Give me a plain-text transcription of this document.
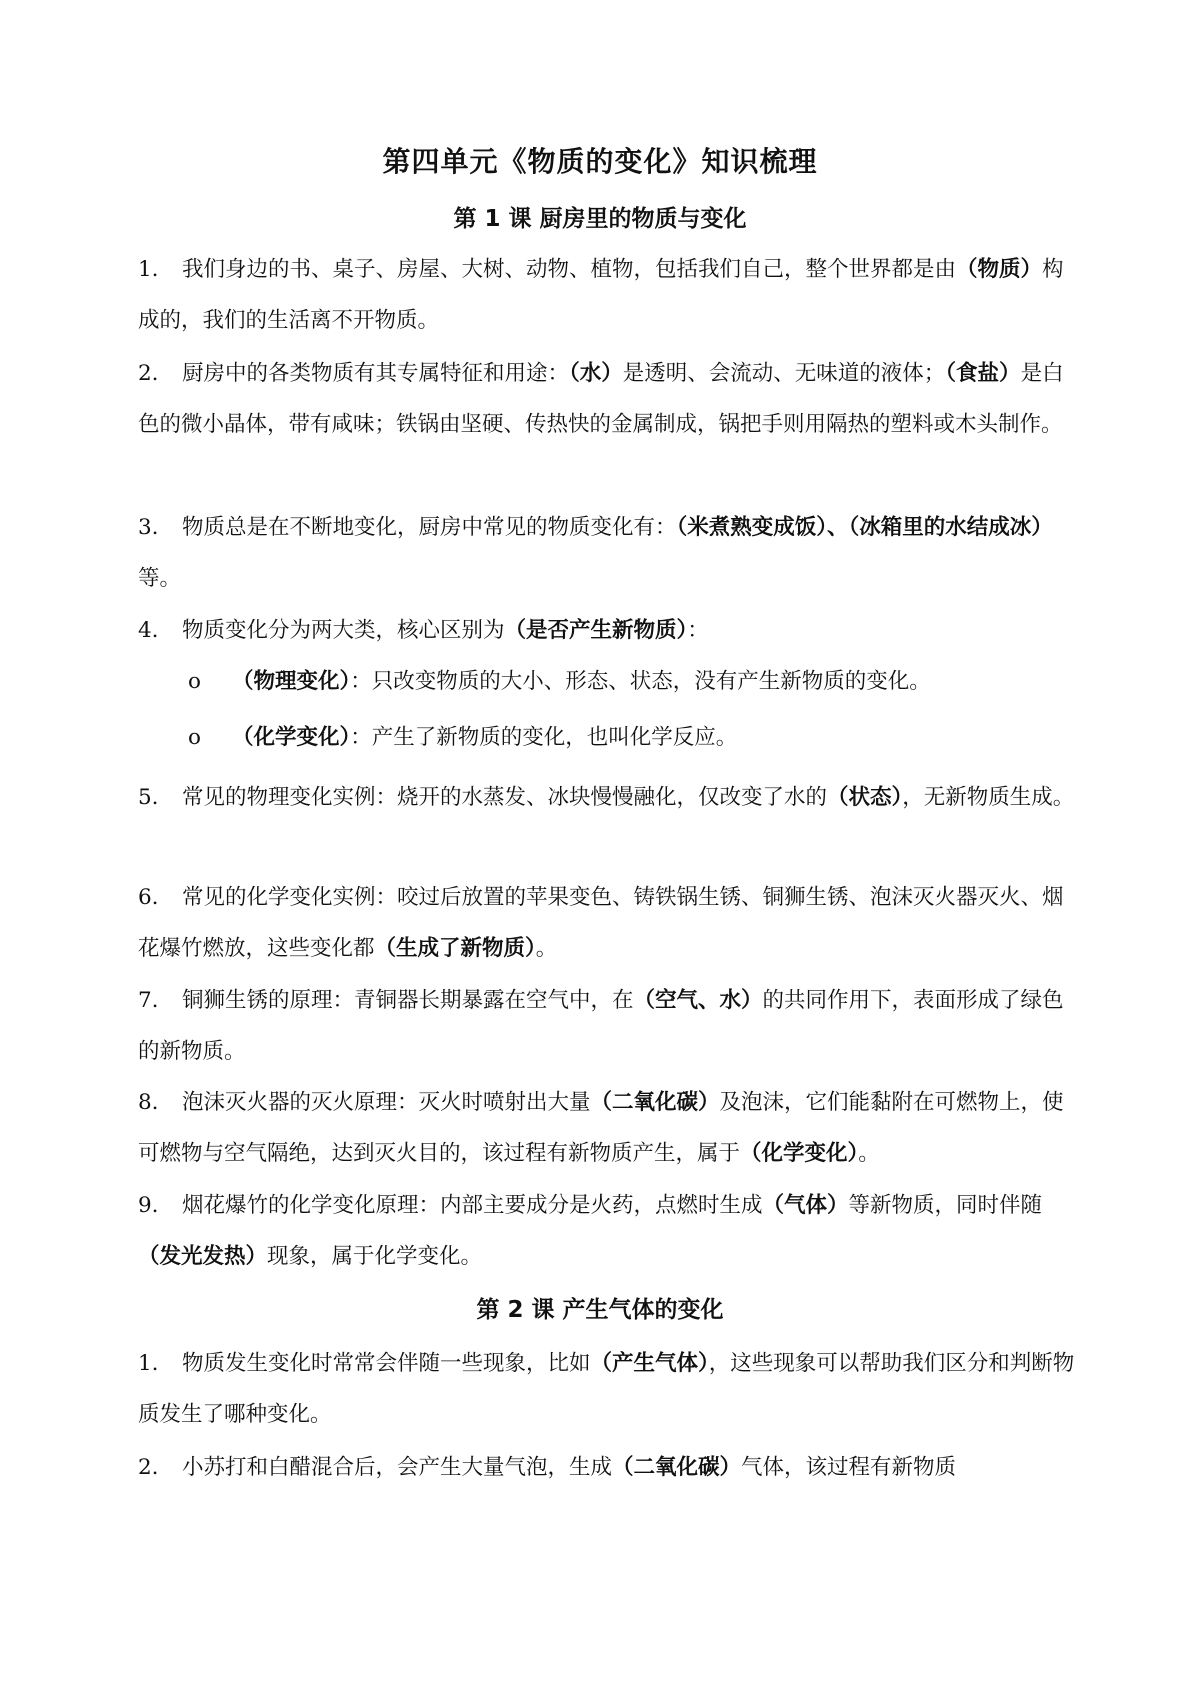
第四单元《物质的变化》知识梳理
第 1 课 厨房里的物质与变化
1. 我们身边的书、桌子、房屋、大树、动物、植物，包括我们自己，整个世界都是由（物质）构成的，我们的生活离不开物质。
2. 厨房中的各类物质有其专属特征和用途：（水）是透明、会流动、无味道的液体；（食盐）是白色的微小晶体，带有咸味；铁锅由坚硬、传热快的金属制成，锅把手则用隔热的塑料或木头制作。
3. 物质总是在不断地变化，厨房中常见的物质变化有：（米煮熟变成饭）、（冰箱里的水结成冰）等。
4. 物质变化分为两大类，核心区别为（是否产生新物质）：
o （物理变化）：只改变物质的大小、形态、状态，没有产生新物质的变化。
o （化学变化）：产生了新物质的变化，也叫化学反应。
5. 常见的物理变化实例：烧开的水蒸发、冰块慢慢融化，仅改变了水的（状态），无新物质生成。
6. 常见的化学变化实例：咬过后放置的苹果变色、铸铁锅生锈、铜狮生锈、泡沫灭火器灭火、烟花爆竹燃放，这些变化都（生成了新物质）。
7. 铜狮生锈的原理：青铜器长期暴露在空气中，在（空气、水）的共同作用下，表面形成了绿色的新物质。
8. 泡沫灭火器的灭火原理：灭火时喷射出大量（二氧化碳）及泡沫，它们能黏附在可燃物上，使可燃物与空气隔绝，达到灭火目的，该过程有新物质产生，属于（化学变化）。
9. 烟花爆竹的化学变化原理：内部主要成分是火药，点燃时生成（气体）等新物质，同时伴随（发光发热）现象，属于化学变化。
第 2 课 产生气体的变化
1. 物质发生变化时常常会伴随一些现象，比如（产生气体），这些现象可以帮助我们区分和判断物质发生了哪种变化。
2. 小苏打和白醋混合后，会产生大量气泡，生成（二氧化碳）气体，该过程有新物质
